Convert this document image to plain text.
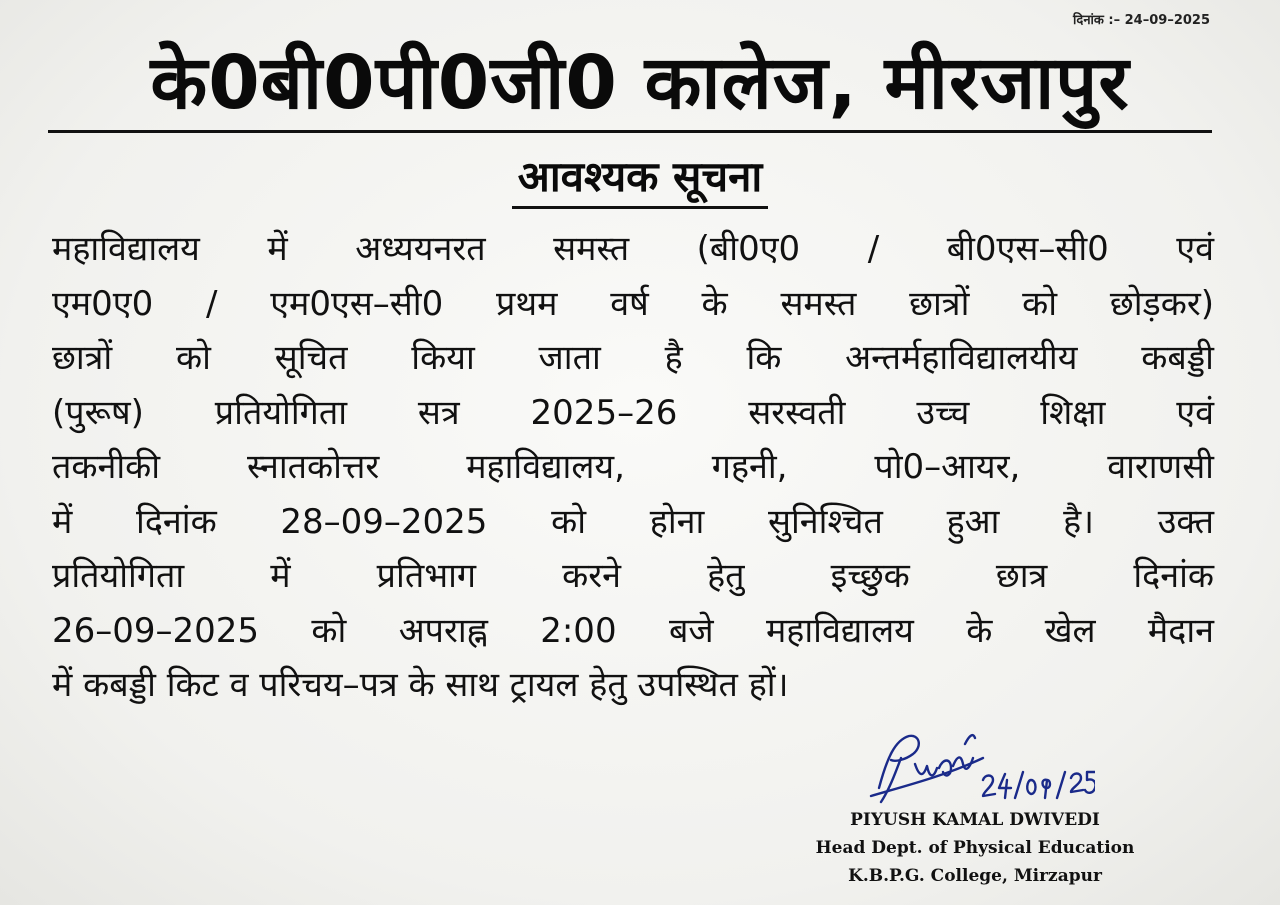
दिनांक :– 24–09–2025
के0बी0पी0जी0 कालेज, मीरजापुर
आवश्यक सूचना
महाविद्यालय में अध्ययनरत समस्त (बी0ए0 / बी0एस–सी0 एवं
एम0ए0 / एम0एस–सी0 प्रथम वर्ष के समस्त छात्रों को छोड़कर)
छात्रों को सूचित किया जाता है कि अन्तर्महाविद्यालयीय कबड्डी
(पुरूष) प्रतियोगिता सत्र 2025–26 सरस्वती उच्च शिक्षा एवं
तकनीकी स्नातकोत्तर महाविद्यालय, गहनी, पो0–आयर, वाराणसी
में दिनांक 28–09–2025 को होना सुनिश्चित हुआ है। उक्त
प्रतियोगिता में प्रतिभाग करने हेतु इच्छुक छात्र दिनांक
26–09–2025 को अपराह्न 2:00 बजे महाविद्यालय के खेल मैदान
में कबड्डी किट व परिचय–पत्र के साथ ट्रायल हेतु उपस्थित हों।
PIYUSH KAMAL DWIVEDI
Head Dept. of Physical Education
K.B.P.G. College, Mirzapur
